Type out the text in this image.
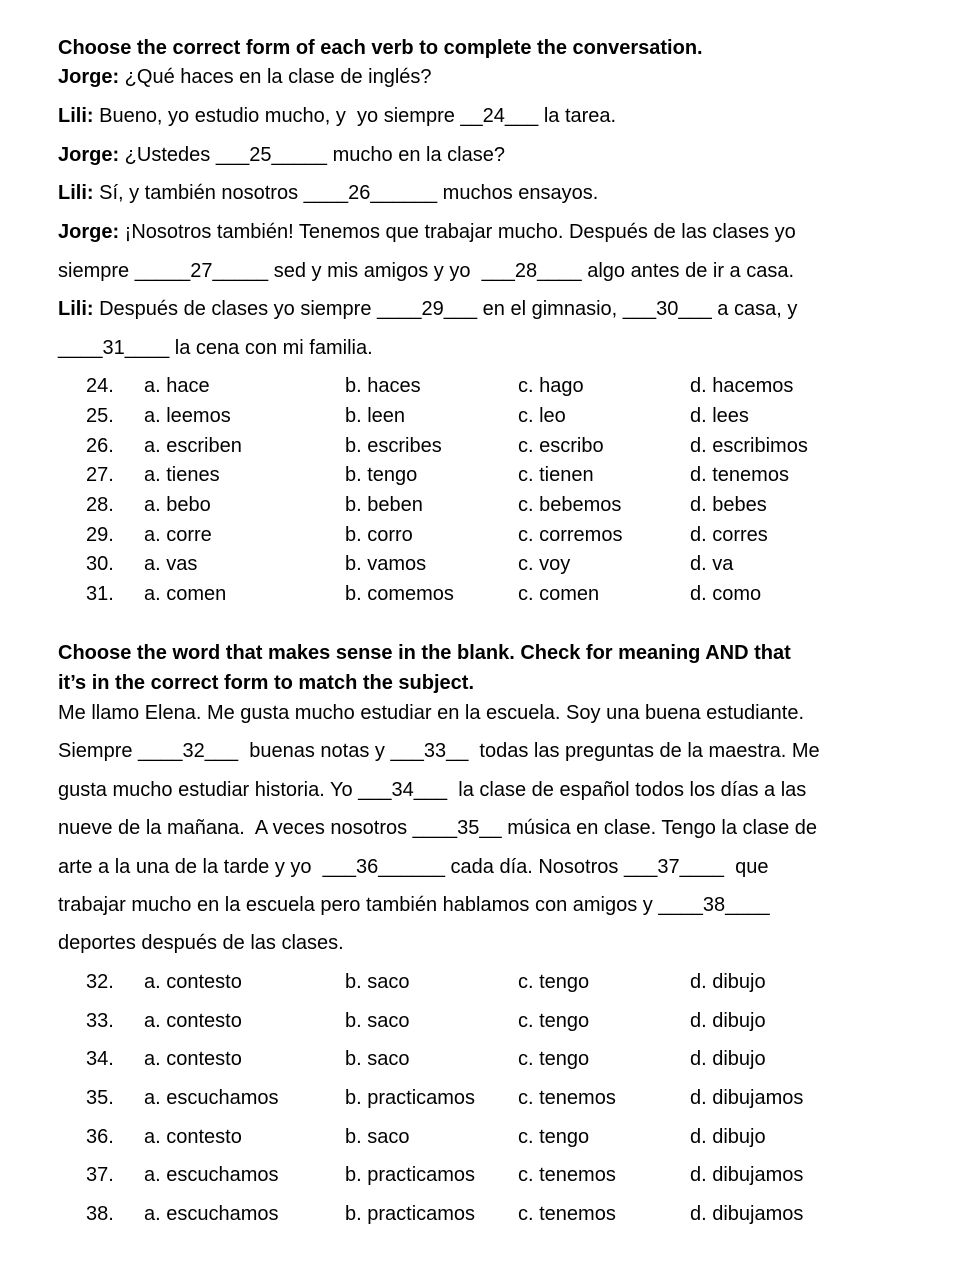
Choose the correct form of each verb to complete the conversation.
Jorge: ¿Qué haces en la clase de inglés?
Lili: Bueno, yo estudio mucho, y  yo siempre __24___ la tarea.
Jorge: ¿Ustedes ___25_____ mucho en la clase?
Lili: Sí, y también nosotros ____26______ muchos ensayos.
Jorge: ¡Nosotros también! Tenemos que trabajar mucho. Después de las clases yo
siempre _____27_____ sed y mis amigos y yo  ___28____ algo antes de ir a casa.
Lili: Después de clases yo siempre ____29___ en el gimnasio, ___30___ a casa, y
____31____ la cena con mi familia.
24. a. hace	b. haces	c. hago	d. hacemos
25. a. leemos	b. leen	c. leo	d. lees
26. a. escriben	b. escribes	c. escribo	d. escribimos
27. a. tienes	b. tengo	c. tienen	d. tenemos
28. a. bebo	b. beben	c. bebemos	d. bebes
29. a. corre	b. corro	c. corremos	d. corres
30. a. vas	b. vamos	c. voy	d. va
31. a. comen	b. comemos	c. comen	d. como
Choose the word that makes sense in the blank. Check for meaning AND that
it’s in the correct form to match the subject.
Me llamo Elena. Me gusta mucho estudiar en la escuela. Soy una buena estudiante.
Siempre ____32___  buenas notas y ___33__  todas las preguntas de la maestra. Me
gusta mucho estudiar historia. Yo ___34___  la clase de español todos los días a las
nueve de la mañana.  A veces nosotros ____35__ música en clase. Tengo la clase de
arte a la una de la tarde y yo  ___36______ cada día. Nosotros ___37____  que
trabajar mucho en la escuela pero también hablamos con amigos y ____38____
deportes después de las clases.
32. a. contesto	b. saco	c. tengo	d. dibujo
33. a. contesto	b. saco	c. tengo	d. dibujo
34. a. contesto	b. saco	c. tengo	d. dibujo
35. a. escuchamos	b. practicamos c. tenemos	d. dibujamos
36. a. contesto	b. saco	c. tengo	d. dibujo
37. a. escuchamos	b. practicamos c. tenemos	d. dibujamos
38. a. escuchamos	b. practicamos c. tenemos	d. dibujamos
